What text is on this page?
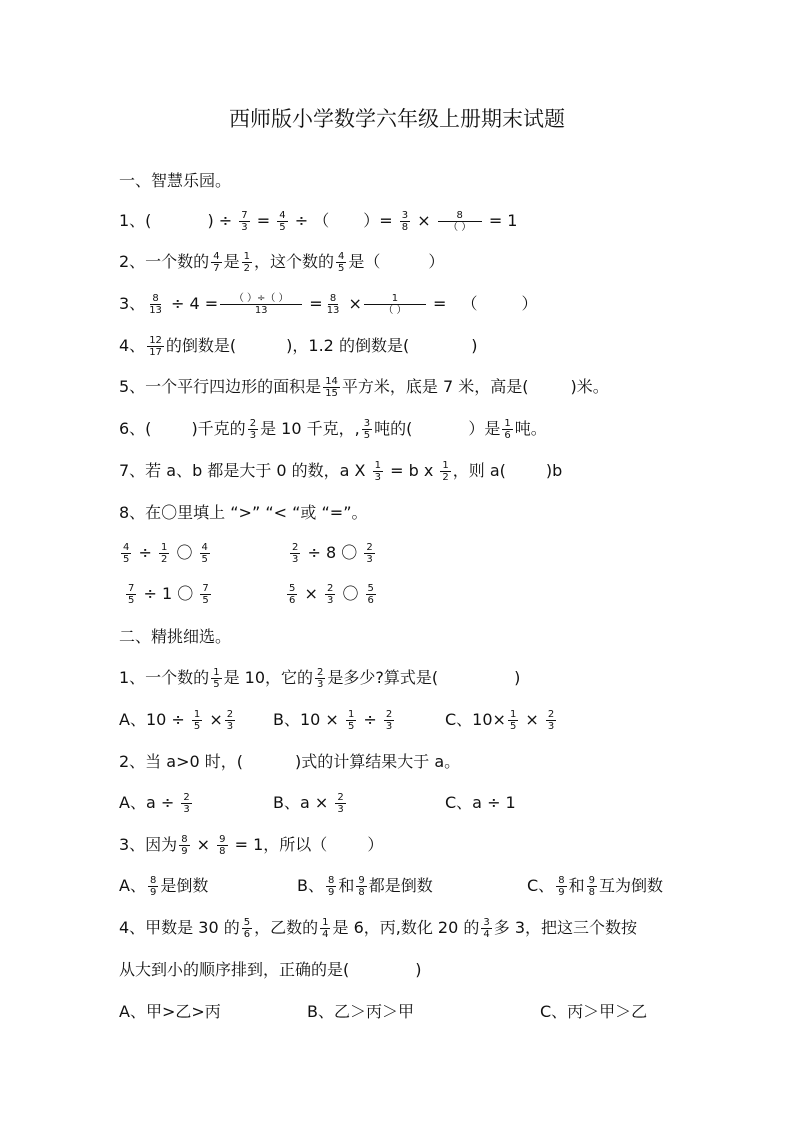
西师版小学数学六年级上册期末试题
一、智慧乐园。
1、(	) ÷ $\frac{7}{3} = \frac{4}{5}$ ÷ （ ）= $\frac{3}{8} \times \frac{8}{( )} = 1$
2、一个数的 $\frac{4}{7}$ 是 $\frac{1}{2}$ ，这个数的 $\frac{4}{5}$ 是（	）
3、 $\frac{8}{13} \div 4 = \frac{( )\div( )}{13} = \frac{8}{13} \times \frac{1}{( )}$ = （	）
4、 $\frac{12}{17}$ 的倒数是(	)，1.2 的倒数是(	)
5、一个平行四边形的面积是 $\frac{14}{15}$ 平方米，底是 7 米，高是(	)米。
6、(	)千克的 $\frac{2}{3}$ 是 10 千克，, $\frac{3}{5}$ 吨的(	）是 $\frac{1}{6}$ 吨。
7、若 a、b 都是大于 0 的数，a X $\frac{1}{3} = b$ x $\frac{1}{2}$ ，则 a(	)b
8、在〇里填上 “>” “< “或 “=”。
$\frac{4}{5} \div \frac{1}{2}$ 〇 $\frac{4}{5}$	$\frac{2}{3} \div 8$ 〇 $\frac{2}{3}$
$\frac{7}{5} \div 1$ 〇 $\frac{7}{5}$	$\frac{5}{6} \times \frac{2}{3}$ 〇 $\frac{5}{6}$
二、精挑细选。
1、一个数的 $\frac{1}{5}$ 是 10，它的 $\frac{2}{3}$ 是多少?算式是(	)
A、$10 \div \frac{1}{5} \times \frac{2}{3}$ B、$10 \times \frac{1}{5} \div \frac{2}{3}$	C、$10\times \frac{1}{5} \times \frac{2}{3}$
2、当 a>0 时，(	)式的计算结果大于 a。
A、$a \div \frac{2}{3}$	B、$a \times \frac{2}{3}$	C、a ÷ 1
3、因为 $\frac{8}{9} \times \frac{9}{8} = 1$，所以（	）
A、 $\frac{8}{9}$ 是倒数	B、 $\frac{8}{9}$ 和 $\frac{9}{8}$ 都是倒数	C、 $\frac{8}{9}$ 和 $\frac{9}{8}$ 互为倒数
4、甲数是 30 的 $\frac{5}{6}$ ，乙数的 $\frac{1}{4}$ 是 6，丙,数化 20 的 $\frac{3}{4}$ 多 3，把这三个数按
从大到小的顺序排到，正确的是(	)
A、甲>乙>丙	B、乙＞丙＞甲	C、丙＞甲＞乙
